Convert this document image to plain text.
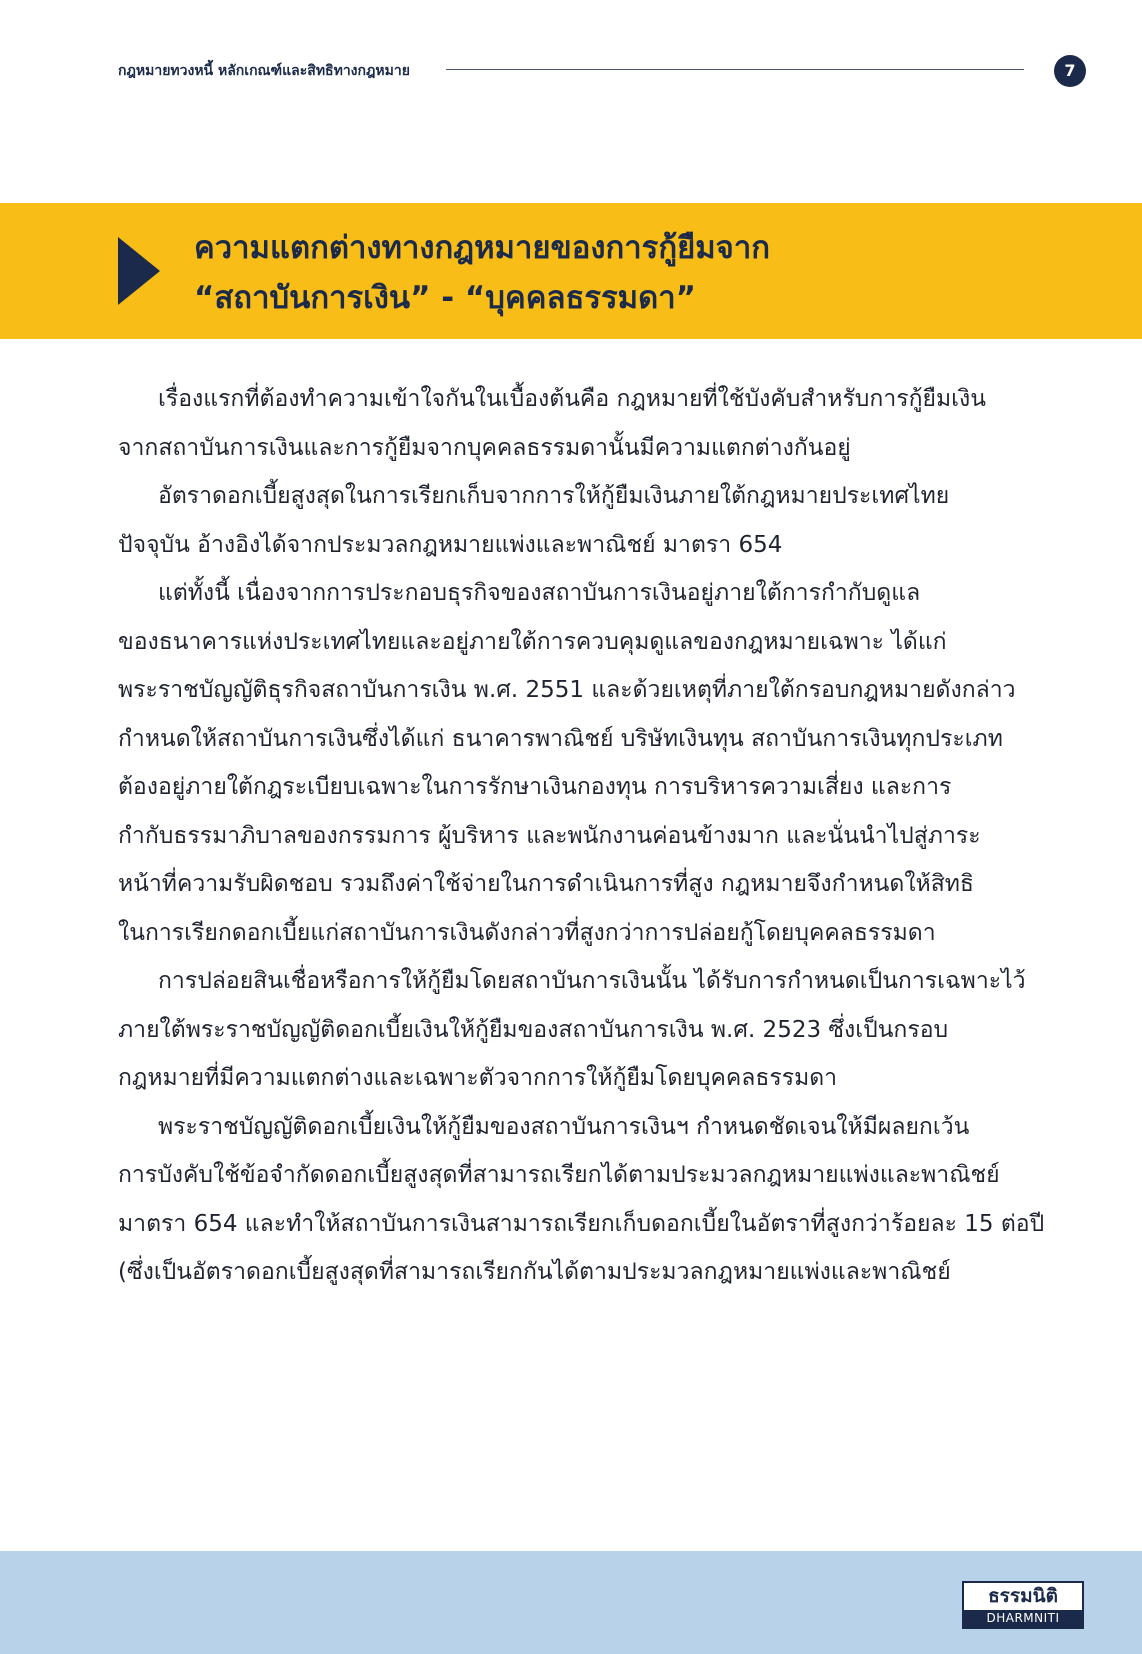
กฎหมายทวงหนี้ หลักเกณฑ์และสิทธิทางกฎหมาย	7
ความแตกต่างทางกฎหมายของการกู้ยืมจาก
“สถาบันการเงิน” - “บุคคลธรรมดา”

เรื่องแรกที่ต้องทำความเข้าใจกันในเบื้องต้นคือ กฎหมายที่ใช้บังคับสำหรับการกู้ยืมเงิน
จากสถาบันการเงินและการกู้ยืมจากบุคคลธรรมดานั้นมีความแตกต่างกันอยู่

อัตราดอกเบี้ยสูงสุดในการเรียกเก็บจากการให้กู้ยืมเงินภายใต้กฎหมายประเทศไทย
ปัจจุบัน อ้างอิงได้จากประมวลกฎหมายแพ่งและพาณิชย์ มาตรา 654

แต่ทั้งนี้ เนื่องจากการประกอบธุรกิจของสถาบันการเงินอยู่ภายใต้การกำกับดูแล
ของธนาคารแห่งประเทศไทยและอยู่ภายใต้การควบคุมดูแลของกฎหมายเฉพาะ ได้แก่
พระราชบัญญัติธุรกิจสถาบันการเงิน พ.ศ. 2551 และด้วยเหตุที่ภายใต้กรอบกฎหมายดังกล่าว
กำหนดให้สถาบันการเงินซึ่งได้แก่ ธนาคารพาณิชย์ บริษัทเงินทุน สถาบันการเงินทุกประเภท
ต้องอยู่ภายใต้กฎระเบียบเฉพาะในการรักษาเงินกองทุน การบริหารความเสี่ยง และการ
กำกับธรรมาภิบาลของกรรมการ ผู้บริหาร และพนักงานค่อนข้างมาก และนั่นนำไปสู่ภาระ
หน้าที่ความรับผิดชอบ รวมถึงค่าใช้จ่ายในการดำเนินการที่สูง กฎหมายจึงกำหนดให้สิทธิ
ในการเรียกดอกเบี้ยแก่สถาบันการเงินดังกล่าวที่สูงกว่าการปล่อยกู้โดยบุคคลธรรมดา

การปล่อยสินเชื่อหรือการให้กู้ยืมโดยสถาบันการเงินนั้น ได้รับการกำหนดเป็นการเฉพาะไว้
ภายใต้พระราชบัญญัติดอกเบี้ยเงินให้กู้ยืมของสถาบันการเงิน พ.ศ. 2523 ซึ่งเป็นกรอบ
กฎหมายที่มีความแตกต่างและเฉพาะตัวจากการให้กู้ยืมโดยบุคคลธรรมดา

พระราชบัญญัติดอกเบี้ยเงินให้กู้ยืมของสถาบันการเงินฯ กำหนดชัดเจนให้มีผลยกเว้น
การบังคับใช้ข้อจำกัดดอกเบี้ยสูงสุดที่สามารถเรียกได้ตามประมวลกฎหมายแพ่งและพาณิชย์
มาตรา 654 และทำให้สถาบันการเงินสามารถเรียกเก็บดอกเบี้ยในอัตราที่สูงกว่าร้อยละ 15 ต่อปี
(ซึ่งเป็นอัตราดอกเบี้ยสูงสุดที่สามารถเรียกกันได้ตามประมวลกฎหมายแพ่งและพาณิชย์

ธรรมนิติ
DHARMNITI
